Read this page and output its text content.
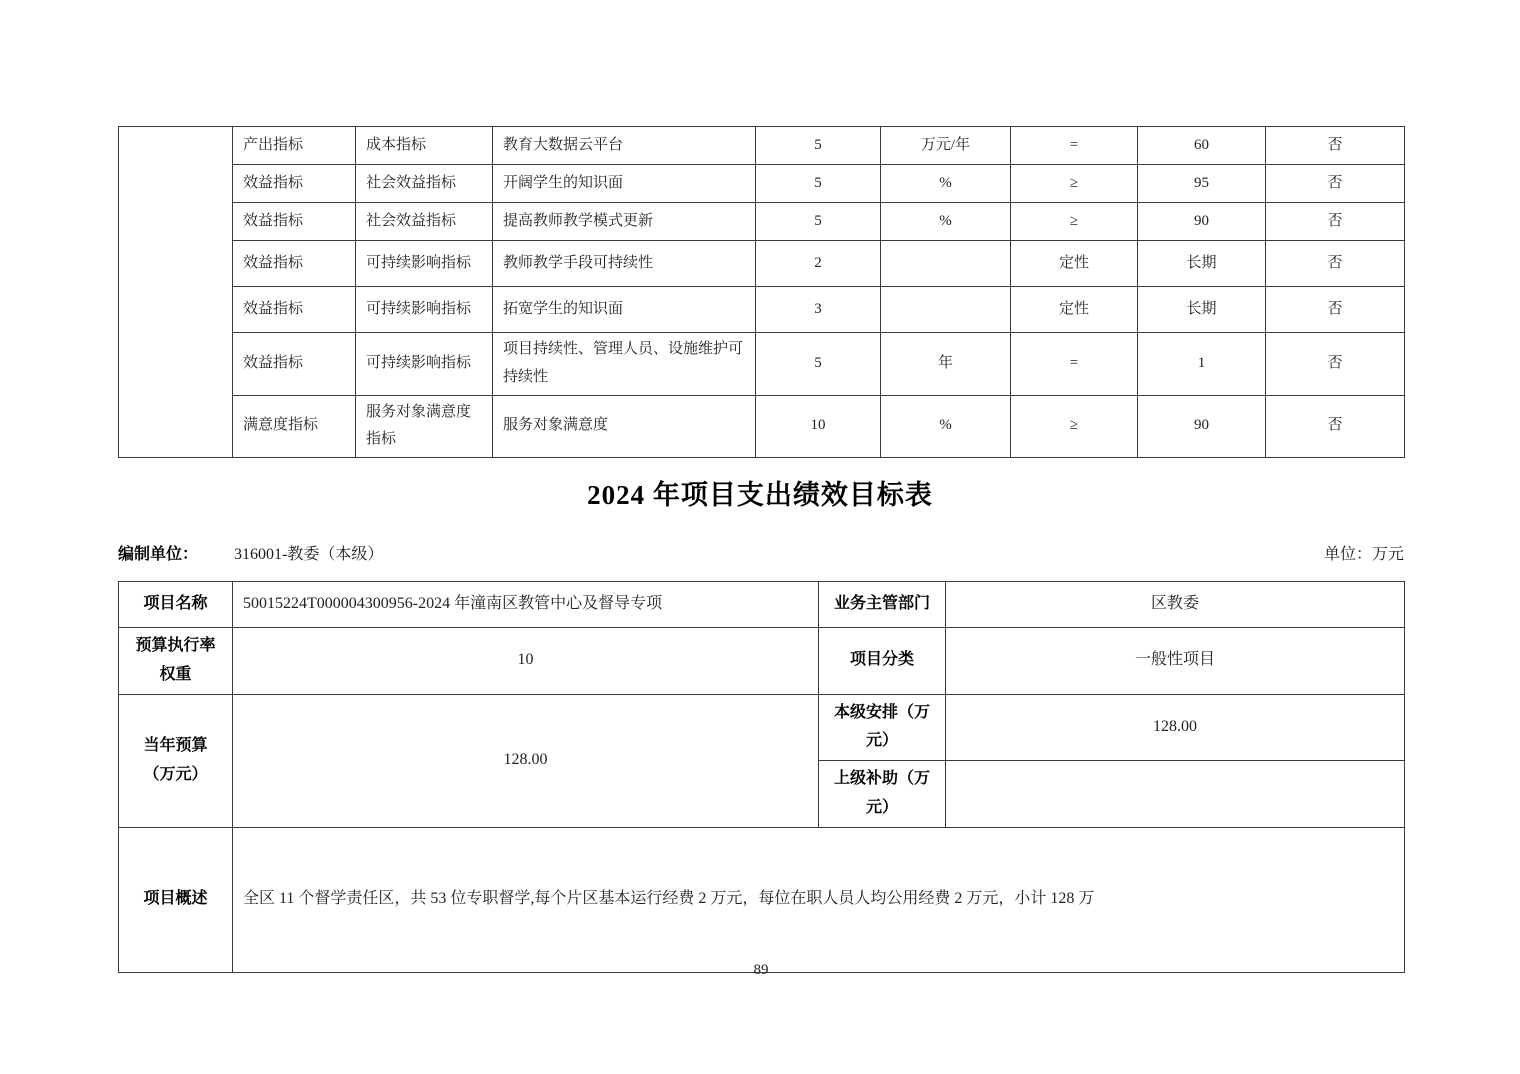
	产出指标	成本指标	教育大数据云平台	5	万元/年	=	60	否
	效益指标	社会效益指标	开阔学生的知识面	5	%	≥	95	否
	效益指标	社会效益指标	提高教师教学模式更新	5	%	≥	90	否
	效益指标	可持续影响指标	教师教学手段可持续性	2		定性	长期	否
	效益指标	可持续影响指标	拓宽学生的知识面	3		定性	长期	否
	效益指标	可持续影响指标	项目持续性、管理人员、设施维护可持续性	5	年	=	1	否
	满意度指标	服务对象满意度指标	服务对象满意度	10	%	≥	90	否
2024 年项目支出绩效目标表
编制单位： 316001-教委（本级）	单位：万元
项目名称	50015224T000004300956-2024 年潼南区教管中心及督导专项	业务主管部门	区教委
预算执行率权重	10	项目分类	一般性项目
当年预算（万元）	128.00	本级安排（万元）	128.00
		上级补助（万元）	
项目概述	全区 11 个督学责任区，共 53 位专职督学,每个片区基本运行经费 2 万元，每位在职人员人均公用经费 2 万元，小计 128 万		
89
